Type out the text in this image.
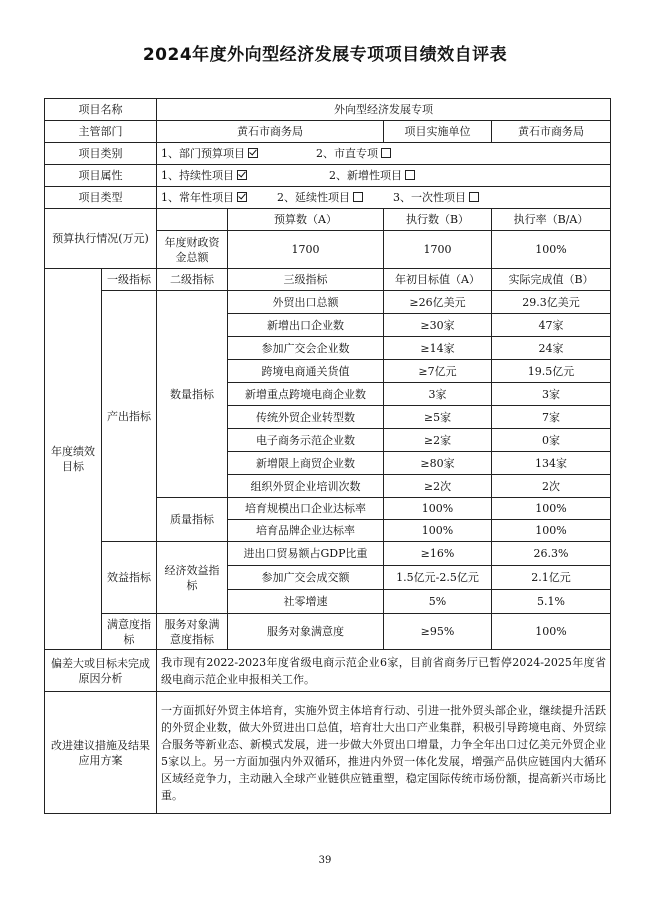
2024年度外向型经济发展专项项目绩效自评表
项目名称		外向型经济发展专项			
主管部门		黄石市商务局		项目实施单位	黄石市商务局
项目类别		1、部门预算项目 2、市直专项			
项目属性		1、持续性项目 2、新增性项目			
项目类型		1、常年性项目 2、延续性项目 3、一次性项目			
预算执行情况(万元)			预算数（A）	执行数（B）	执行率（B/A）
		年度财政资金总额	1700	1700	100%
年度绩效目标	一级指标	二级指标	三级指标	年初目标值（A）	实际完成值（B）
	产出指标	数量指标	外贸出口总额	≥26亿美元	29.3亿美元
			新增出口企业数	≥30家	47家
			参加广交会企业数	≥14家	24家
			跨境电商通关货值	≥7亿元	19.5亿元
			新增重点跨境电商企业数	3家	3家
			传统外贸企业转型数	≥5家	7家
			电子商务示范企业数	≥2家	0家
			新增限上商贸企业数	≥80家	134家
			组织外贸企业培训次数	≥2次	2次
		质量指标	培育规模出口企业达标率	100%	100%
			培育品牌企业达标率	100%	100%
	效益指标	经济效益指标	进出口贸易额占GDP比重	≥16%	26.3%
			参加广交会成交额	1.5亿元-2.5亿元	2.1亿元
			社零增速	5%	5.1%
	满意度指标	服务对象满意度指标	服务对象满意度	≥95%	100%
偏差大或目标未完成原因分析		我市现有2022-2023年度省级电商示范企业6家，目前省商务厅已暂停2024-2025年度省级电商示范企业申报相关工作。			
改进建议措施及结果应用方案		一方面抓好外贸主体培育，实施外贸主体培育行动、引进一批外贸头部企业，继续提升活跃的外贸企业数，做大外贸进出口总值，培育壮大出口产业集群，积极引导跨境电商、外贸综合服务等新业态、新模式发展，进一步做大外贸出口增量，力争全年出口过亿美元外贸企业5家以上。另一方面加强内外双循环，推进内外贸一体化发展，增强产品供应链国内大循环区域经竞争力，主动融入全球产业链供应链重塑，稳定国际传统市场份额，提高新兴市场比重。			
39
